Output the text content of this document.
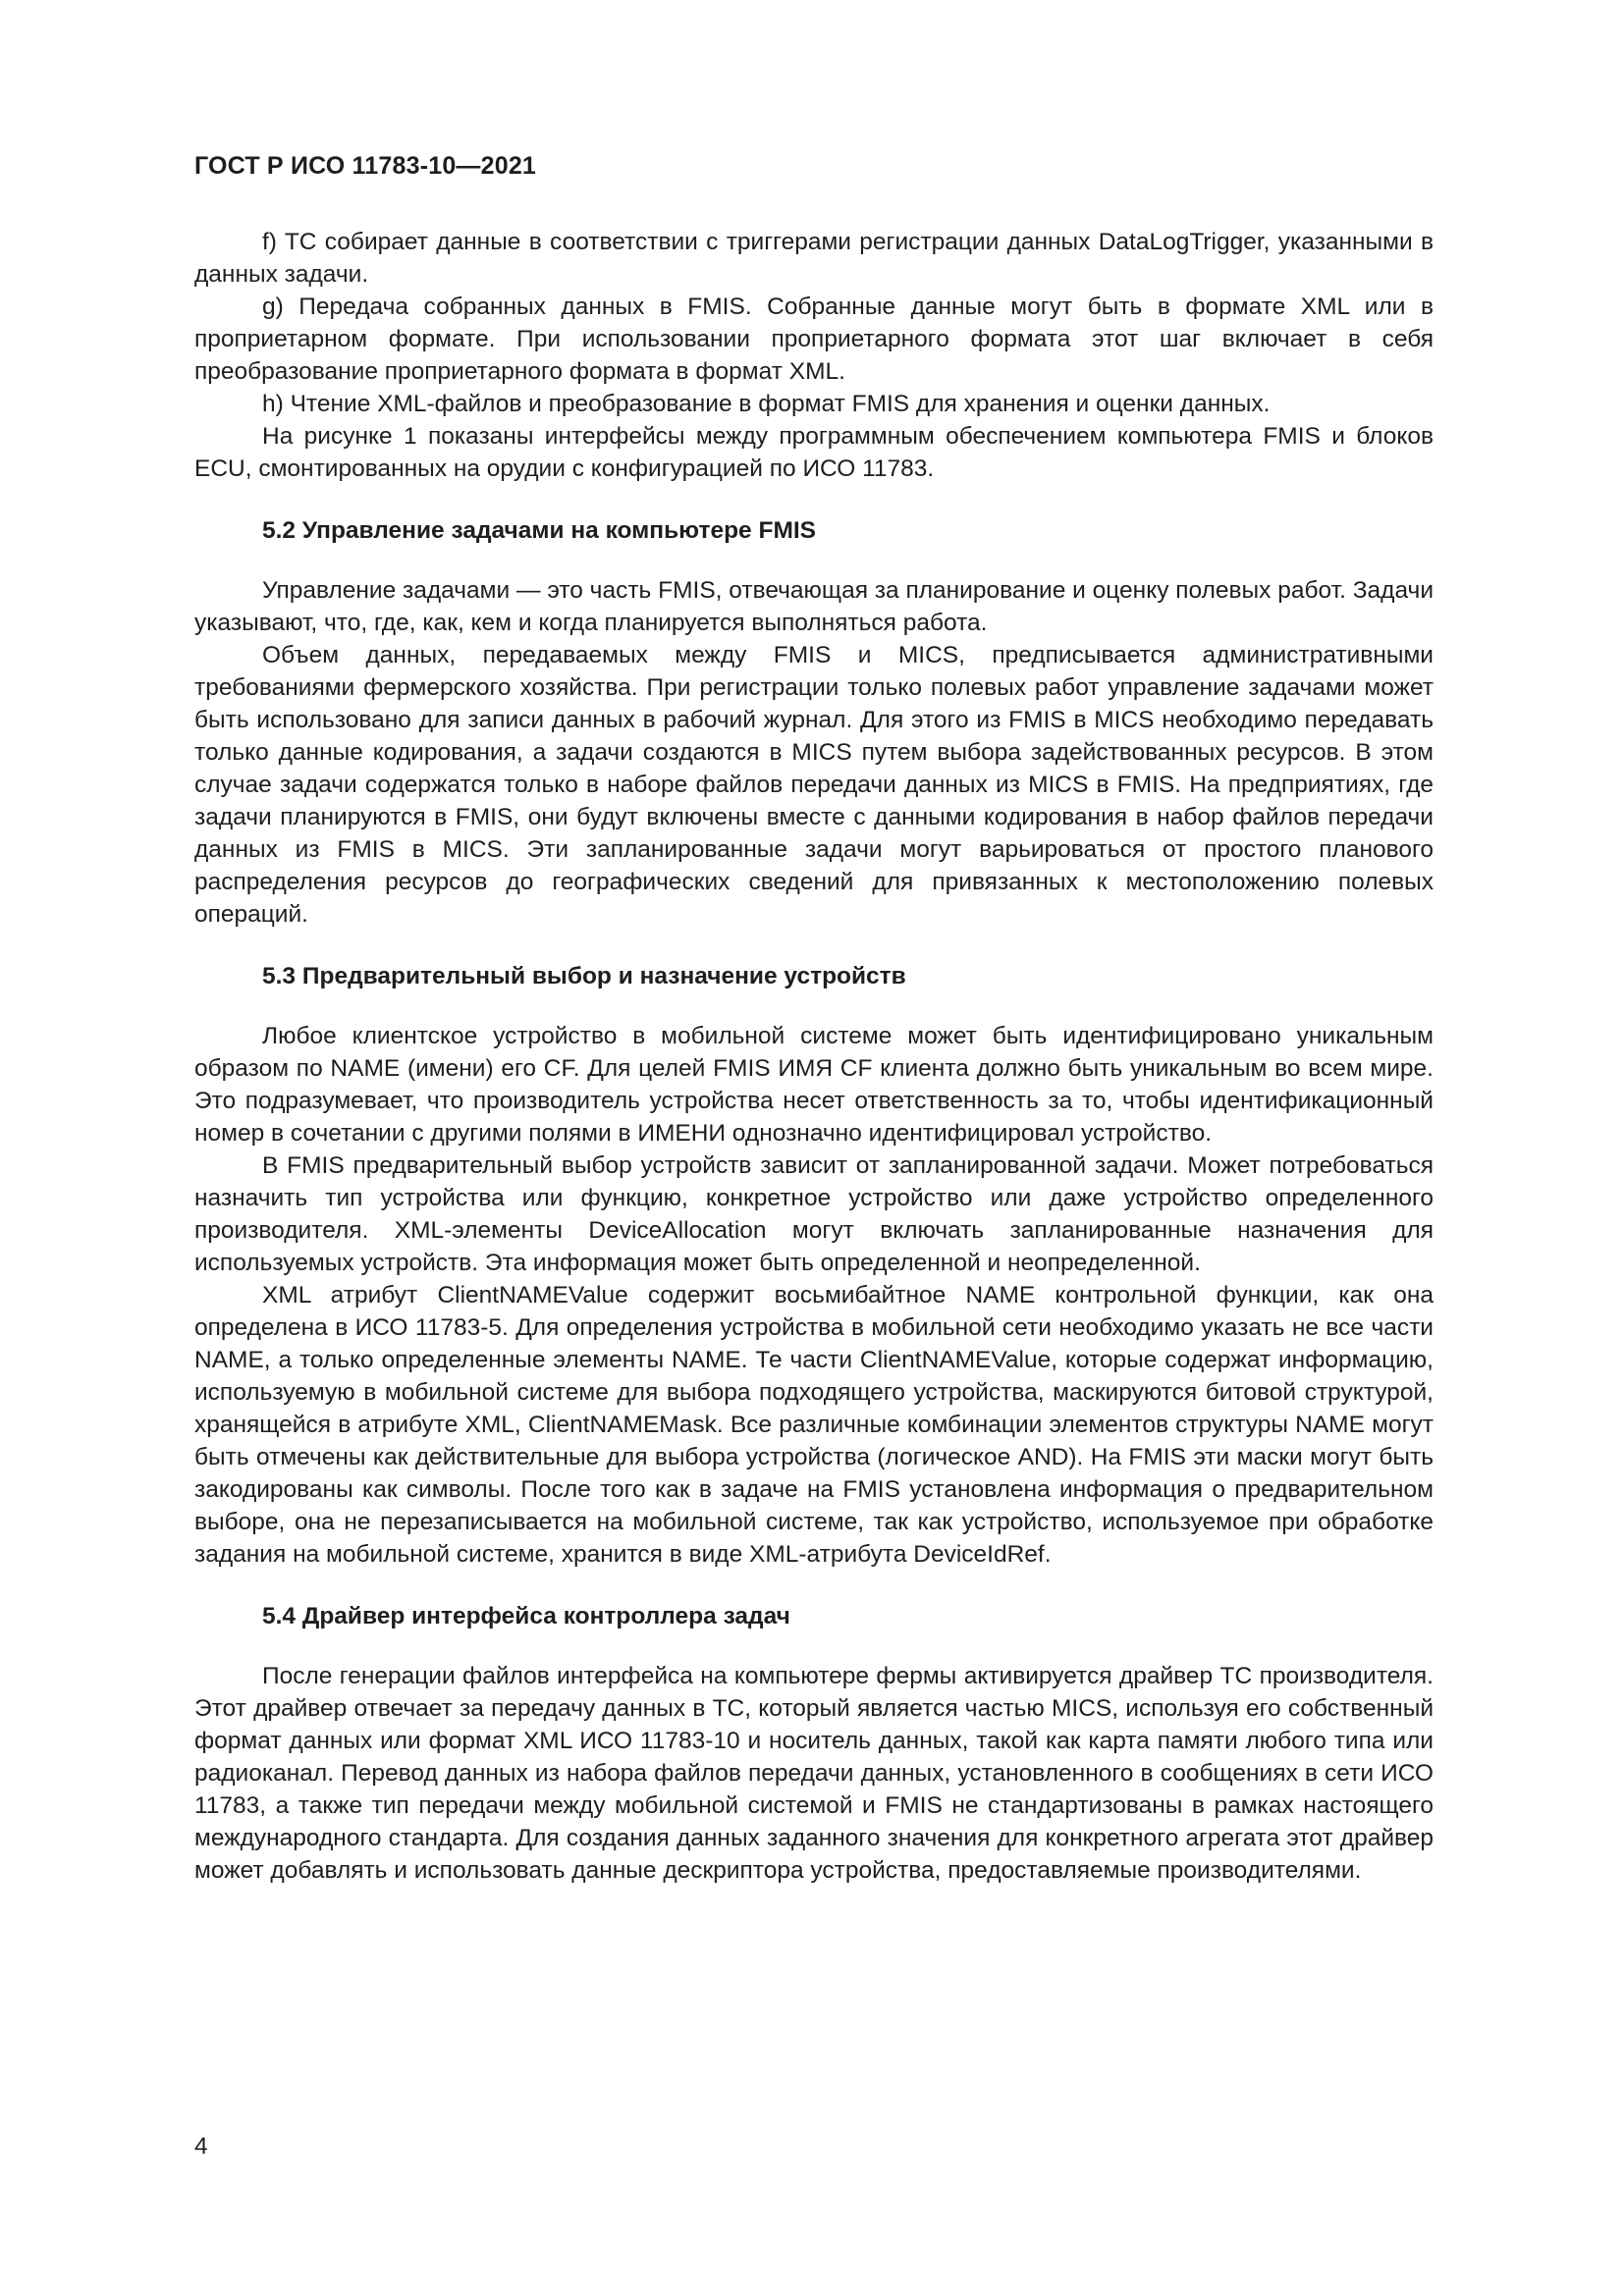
ГОСТ Р ИСО 11783-10—2021

f) TC собирает данные в соответствии с триггерами регистрации данных DataLogTrigger, указанными в данных задачи.

g) Передача собранных данных в FMIS. Собранные данные могут быть в формате XML или в проприетарном формате. При использовании проприетарного формата этот шаг включает в себя преобразование проприетарного формата в формат XML.

h) Чтение XML-файлов и преобразование в формат FMIS для хранения и оценки данных.

На рисунке 1 показаны интерфейсы между программным обеспечением компьютера FMIS и блоков ECU, смонтированных на орудии с конфигурацией по ИСО 11783.

5.2 Управление задачами на компьютере FMIS

Управление задачами — это часть FMIS, отвечающая за планирование и оценку полевых работ. Задачи указывают, что, где, как, кем и когда планируется выполняться работа.

Объем данных, передаваемых между FMIS и MICS, предписывается административными требованиями фермерского хозяйства. При регистрации только полевых работ управление задачами может быть использовано для записи данных в рабочий журнал. Для этого из FMIS в MICS необходимо передавать только данные кодирования, а задачи создаются в MICS путем выбора задействованных ресурсов. В этом случае задачи содержатся только в наборе файлов передачи данных из MICS в FMIS. На предприятиях, где задачи планируются в FMIS, они будут включены вместе с данными кодирования в набор файлов передачи данных из FMIS в MICS. Эти запланированные задачи могут варьироваться от простого планового распределения ресурсов до географических сведений для привязанных к местоположению полевых операций.

5.3 Предварительный выбор и назначение устройств

Любое клиентское устройство в мобильной системе может быть идентифицировано уникальным образом по NAME (имени) его CF. Для целей FMIS ИМЯ CF клиента должно быть уникальным во всем мире. Это подразумевает, что производитель устройства несет ответственность за то, чтобы идентификационный номер в сочетании с другими полями в ИМЕНИ однозначно идентифицировал устройство.

В FMIS предварительный выбор устройств зависит от запланированной задачи. Может потребоваться назначить тип устройства или функцию, конкретное устройство или даже устройство определенного производителя. XML-элементы DeviceAllocation могут включать запланированные назначения для используемых устройств. Эта информация может быть определенной и неопределенной.

XML атрибут ClientNAMEValue содержит восьмибайтное NAME контрольной функции, как она определена в ИСО 11783-5. Для определения устройства в мобильной сети необходимо указать не все части NAME, а только определенные элементы NAME. Те части ClientNAMEValue, которые содержат информацию, используемую в мобильной системе для выбора подходящего устройства, маскируются битовой структурой, хранящейся в атрибуте XML, ClientNAMEMask. Все различные комбинации элементов структуры NAME могут быть отмечены как действительные для выбора устройства (логическое AND). На FMIS эти маски могут быть закодированы как символы. После того как в задаче на FMIS установлена информация о предварительном выборе, она не перезаписывается на мобильной системе, так как устройство, используемое при обработке задания на мобильной системе, хранится в виде XML-атрибута DeviceIdRef.

5.4 Драйвер интерфейса контроллера задач

После генерации файлов интерфейса на компьютере фермы активируется драйвер TC производителя. Этот драйвер отвечает за передачу данных в TC, который является частью MICS, используя его собственный формат данных или формат XML ИСО 11783-10 и носитель данных, такой как карта памяти любого типа или радиоканал. Перевод данных из набора файлов передачи данных, установленного в сообщениях в сети ИСО 11783, а также тип передачи между мобильной системой и FMIS не стандартизованы в рамках настоящего международного стандарта. Для создания данных заданного значения для конкретного агрегата этот драйвер может добавлять и использовать данные дескриптора устройства, предоставляемые производителями.

4
